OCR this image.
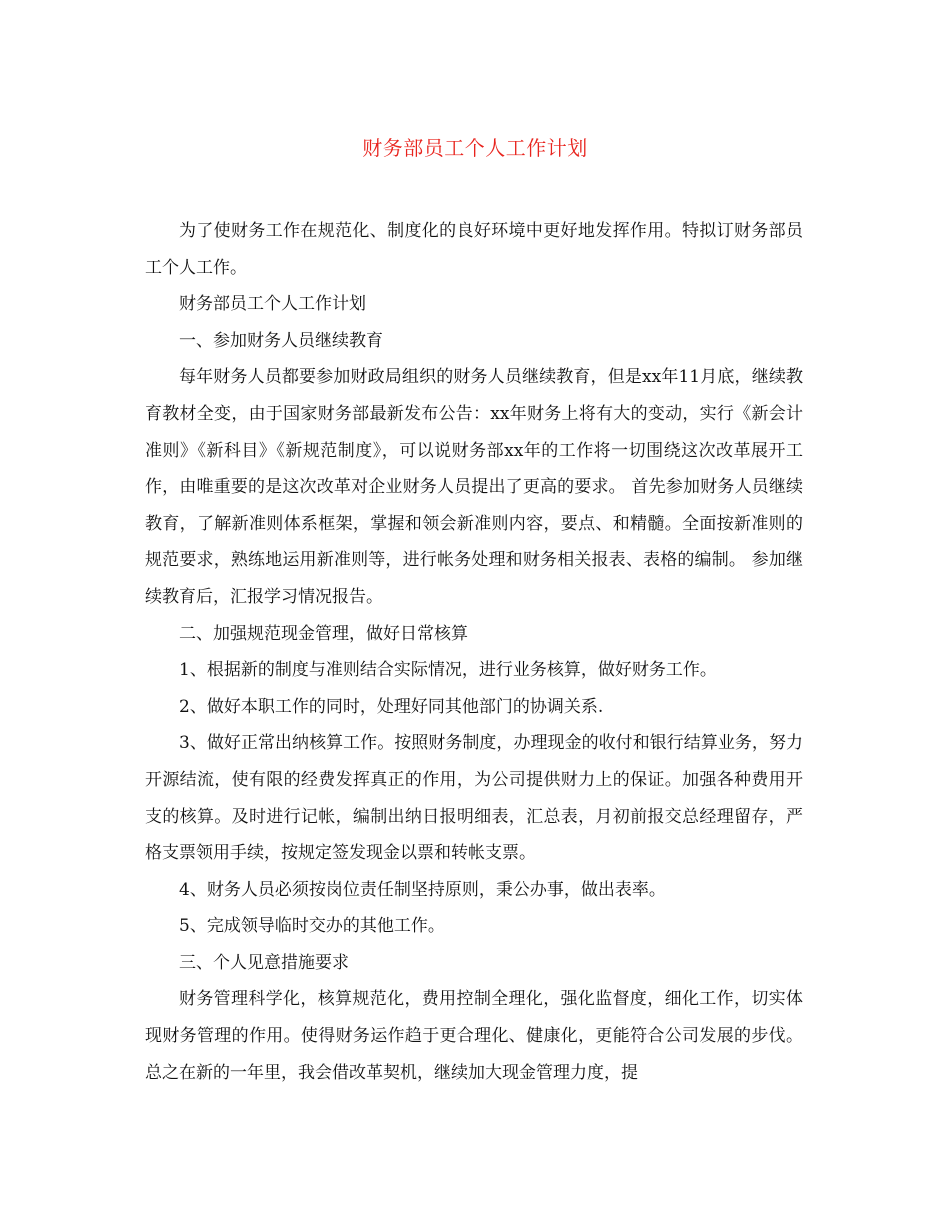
财务部员工个人工作计划

为了使财务工作在规范化、制度化的良好环境中更好地发挥作用。特拟订财务部员工个人工作。

财务部员工个人工作计划

一、参加财务人员继续教育

每年财务人员都要参加财政局组织的财务人员继续教育，但是xx年11月底，继续教育教材全变，由于国家财务部最新发布公告：xx年财务上将有大的变动，实行《新会计准则》《新科目》《新规范制度》，可以说财务部xx年的工作将一切围绕这次改革展开工作，由唯重要的是这次改革对企业财务人员提出了更高的要求。 首先参加财务人员继续教育，了解新准则体系框架，掌握和领会新准则内容，要点、和精髓。全面按新准则的规范要求，熟练地运用新准则等，进行帐务处理和财务相关报表、表格的编制。 参加继续教育后，汇报学习情况报告。

二、加强规范现金管理，做好日常核算

1、根据新的制度与准则结合实际情况，进行业务核算，做好财务工作。

2、做好本职工作的同时，处理好同其他部门的协调关系.

3、做好正常出纳核算工作。按照财务制度，办理现金的收付和银行结算业务，努力开源结流，使有限的经费发挥真正的作用，为公司提供财力上的保证。加强各种费用开支的核算。及时进行记帐，编制出纳日报明细表，汇总表，月初前报交总经理留存，严格支票领用手续，按规定签发现金以票和转帐支票。

4、财务人员必须按岗位责任制坚持原则，秉公办事，做出表率。

5、完成领导临时交办的其他工作。

三、个人见意措施要求

财务管理科学化，核算规范化，费用控制全理化，强化监督度，细化工作，切实体现财务管理的作用。使得财务运作趋于更合理化、健康化，更能符合公司发展的步伐。 总之在新的一年里，我会借改革契机，继续加大现金管理力度，提
